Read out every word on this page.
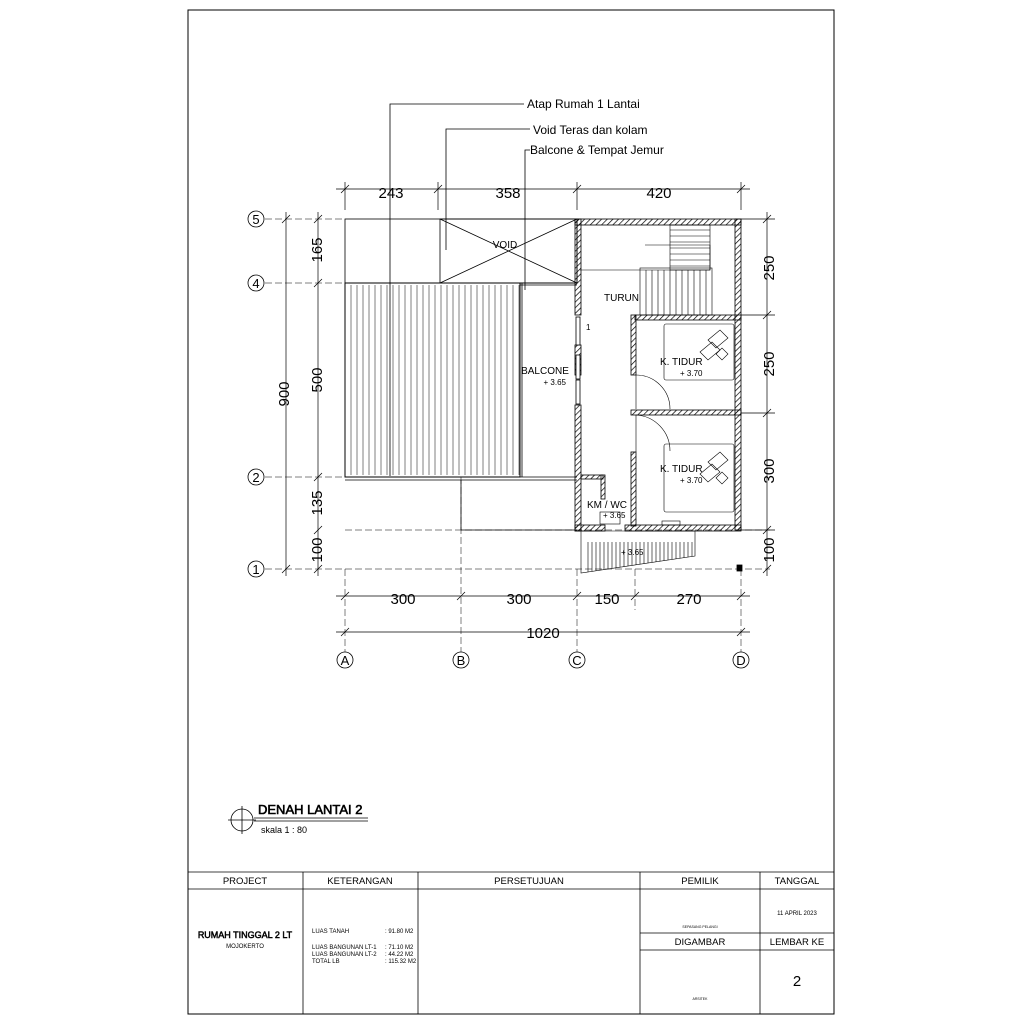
Atap Rumah 1 Lantai
Void Teras dan kolam
Balcone & Tempat Jemur
243	358	420
900
165
500
135
100
250
250
300
100
300	300	150	270
1020
5
4
2
1
A	B	C	D
VOID
BALCONE
+ 3.65
1
TURUN
K. TIDUR
+ 3.70
K. TIDUR
+ 3.70
KM / WC
+ 3.65
+ 3.65
DENAH LANTAI 2
skala 1 : 80
PROJECT	KETERANGAN	PERSETUJUAN	PEMILIK	TANGGAL
DIGAMBAR	LEMBAR KE
RUMAH TINGGAL 2 LT
MOJOKERTO
LUAS TANAH	: 91.80 M2
LUAS BANGUNAN LT-1 : 71.10 M2
LUAS BANGUNAN LT-2 : 44.22 M2
TOTAL LB	: 115.32 M2
SEPASANG PELANGI
11 APRIL 2023
ARSITEK
2
